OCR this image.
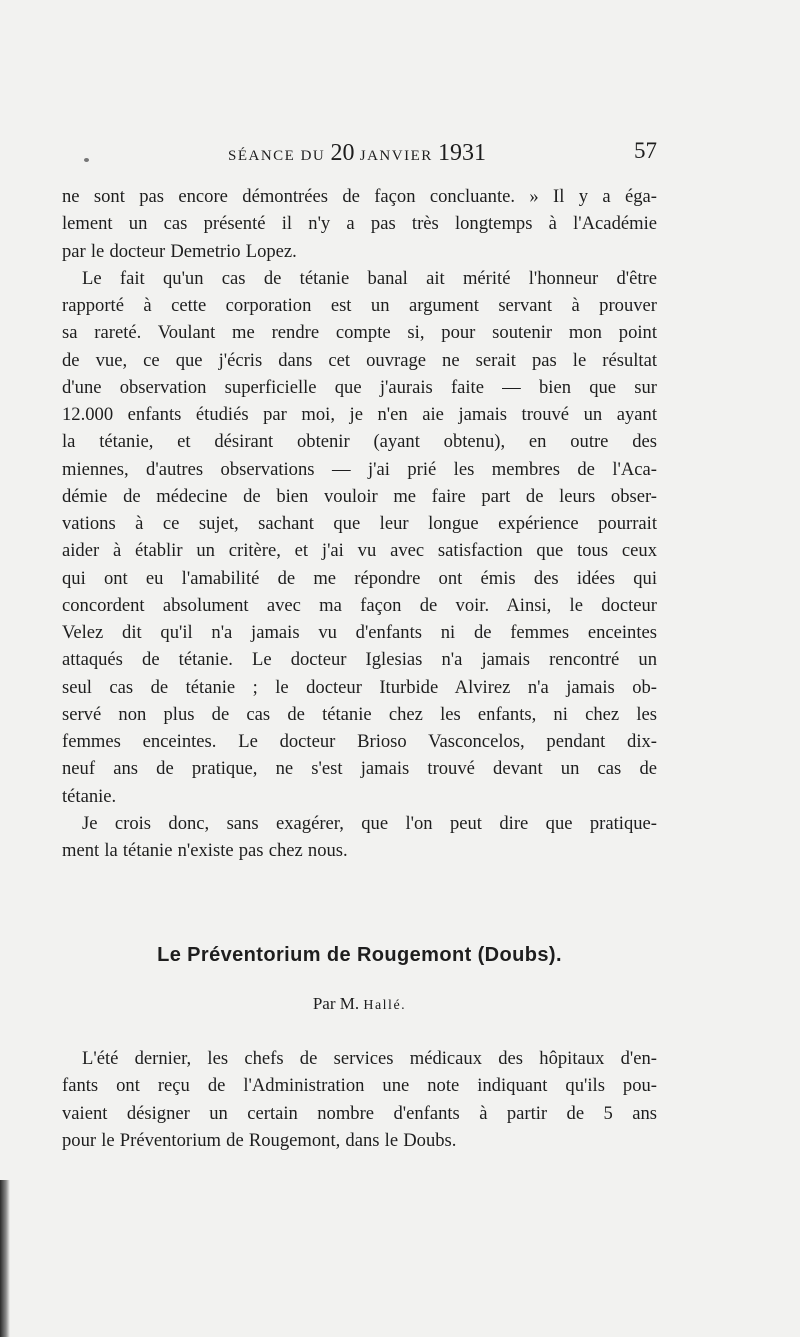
SÉANCE DU 20 JANVIER 1931	57
ne sont pas encore démontrées de façon concluante. » Il y a éga-
lement un cas présenté il n'y a pas très longtemps à l'Académie
par le docteur Demetrio Lopez.
Le fait qu'un cas de tétanie banal ait mérité l'honneur d'être
rapporté à cette corporation est un argument servant à prouver
sa rareté. Voulant me rendre compte si, pour soutenir mon point
de vue, ce que j'écris dans cet ouvrage ne serait pas le résultat
d'une observation superficielle que j'aurais faite — bien que sur
12.000 enfants étudiés par moi, je n'en aie jamais trouvé un ayant
la tétanie, et désirant obtenir (ayant obtenu), en outre des
miennes, d'autres observations — j'ai prié les membres de l'Aca-
démie de médecine de bien vouloir me faire part de leurs obser-
vations à ce sujet, sachant que leur longue expérience pourrait
aider à établir un critère, et j'ai vu avec satisfaction que tous ceux
qui ont eu l'amabilité de me répondre ont émis des idées qui
concordent absolument avec ma façon de voir. Ainsi, le docteur
Velez dit qu'il n'a jamais vu d'enfants ni de femmes enceintes
attaqués de tétanie. Le docteur Iglesias n'a jamais rencontré un
seul cas de tétanie ; le docteur Iturbide Alvirez n'a jamais ob-
servé non plus de cas de tétanie chez les enfants, ni chez les
femmes enceintes. Le docteur Brioso Vasconcelos, pendant dix-
neuf ans de pratique, ne s'est jamais trouvé devant un cas de
tétanie.
Je crois donc, sans exagérer, que l'on peut dire que pratique-
ment la tétanie n'existe pas chez nous.
Le Préventorium de Rougemont (Doubs).
Par M. Hallé.
L'été dernier, les chefs de services médicaux des hôpitaux d'en-
fants ont reçu de l'Administration une note indiquant qu'ils pou-
vaient désigner un certain nombre d'enfants à partir de 5 ans
pour le Préventorium de Rougemont, dans le Doubs.
